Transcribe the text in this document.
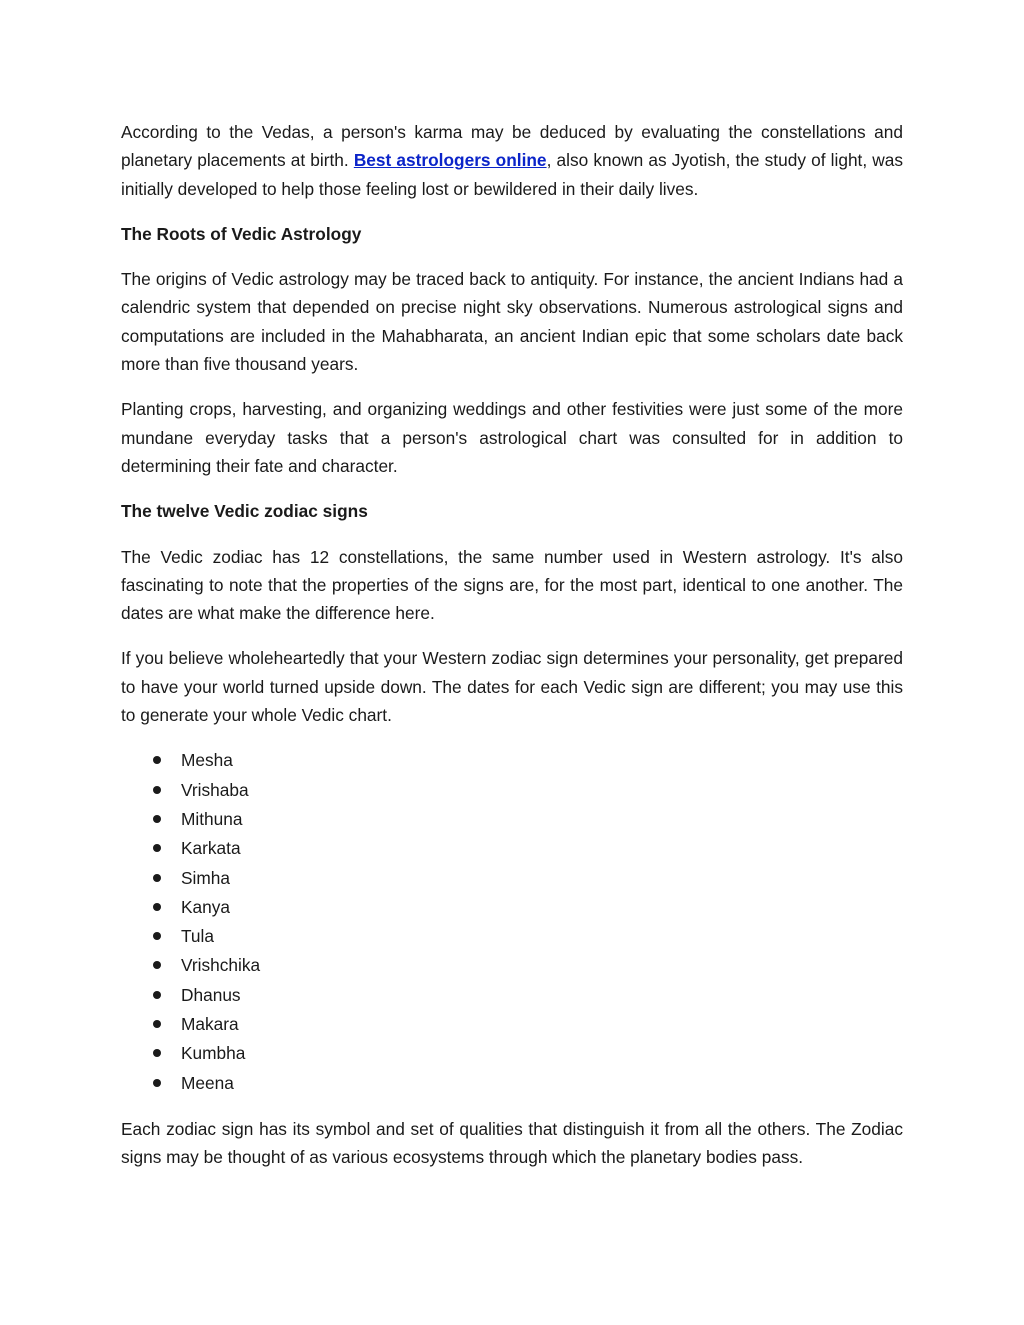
According to the Vedas, a person's karma may be deduced by evaluating the constellations and planetary placements at birth. Best astrologers online, also known as Jyotish, the study of light, was initially developed to help those feeling lost or bewildered in their daily lives.

The Roots of Vedic Astrology

The origins of Vedic astrology may be traced back to antiquity. For instance, the ancient Indians had a calendric system that depended on precise night sky observations. Numerous astrological signs and computations are included in the Mahabharata, an ancient Indian epic that some scholars date back more than five thousand years.

Planting crops, harvesting, and organizing weddings and other festivities were just some of the more mundane everyday tasks that a person's astrological chart was consulted for in addition to determining their fate and character.

The twelve Vedic zodiac signs

The Vedic zodiac has 12 constellations, the same number used in Western astrology. It's also fascinating to note that the properties of the signs are, for the most part, identical to one another. The dates are what make the difference here.

If you believe wholeheartedly that your Western zodiac sign determines your personality, get prepared to have your world turned upside down. The dates for each Vedic sign are different; you may use this to generate your whole Vedic chart.

Mesha
Vrishaba
Mithuna
Karkata
Simha
Kanya
Tula
Vrishchika
Dhanus
Makara
Kumbha
Meena

Each zodiac sign has its symbol and set of qualities that distinguish it from all the others. The Zodiac signs may be thought of as various ecosystems through which the planetary bodies pass.
